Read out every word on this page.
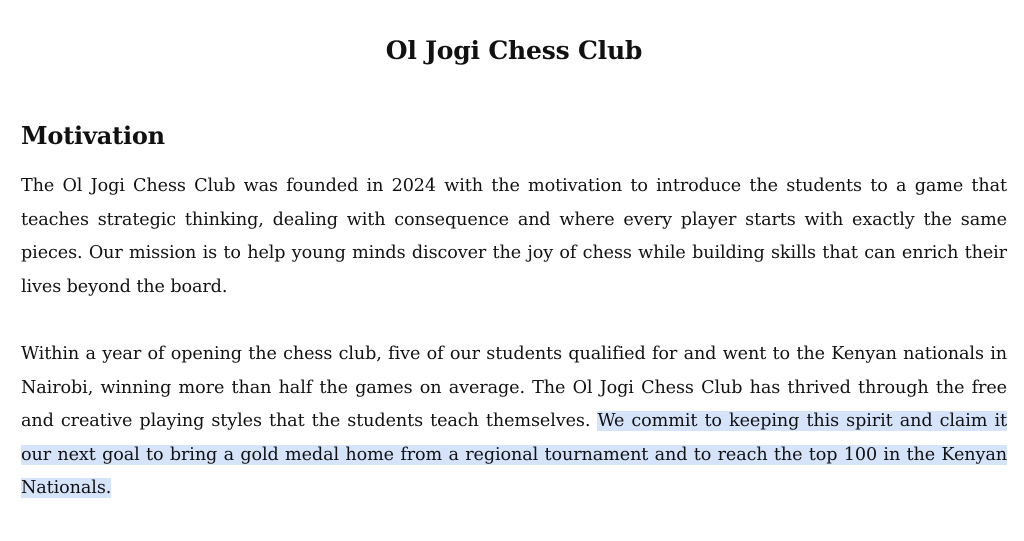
Ol Jogi Chess Club
Motivation

The Ol Jogi Chess Club was founded in 2024 with the motivation to introduce the students to a game that teaches strategic thinking, dealing with consequence and where every player starts with exactly the same pieces. Our mission is to help young minds discover the joy of chess while building skills that can enrich their lives beyond the board.

Within a year of opening the chess club, five of our students qualified for and went to the Kenyan nationals in Nairobi, winning more than half the games on average. The Ol Jogi Chess Club has thrived through the free and creative playing styles that the students teach themselves. We commit to keeping this spirit and claim it our next goal to bring a gold medal home from a regional tournament and to reach the top 100 in the Kenyan Nationals.
